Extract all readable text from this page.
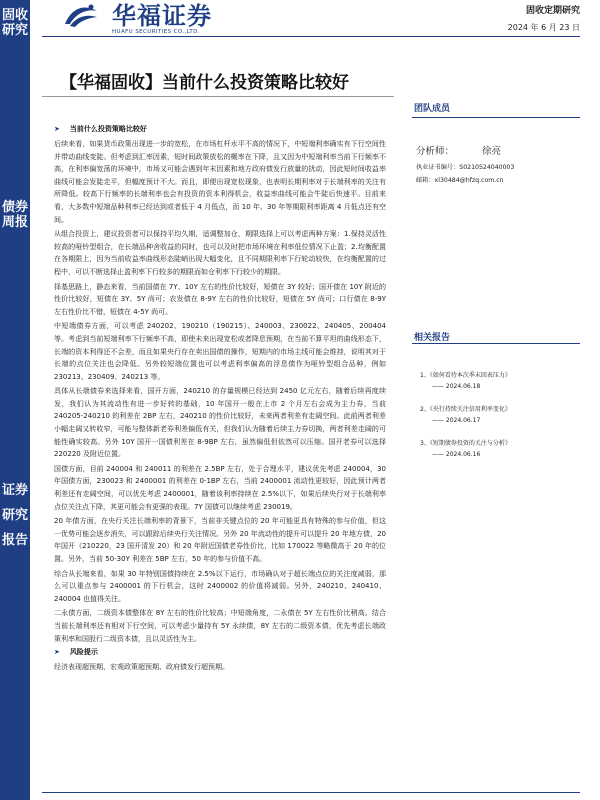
固收研究
债券周报
证券研究报告
华福证券
HUAFU SECURITIES CO.,LTD.
固收定期研究
2024 年 6 月 23 日
【华福固收】当前什么投资策略比较好
团队成员
➤ 当前什么投资策略比较好

后续来看，如果货币政策出现进一步的宽松，在市场杠杆水平不高的情况下，中短端利率确实有下行空间性并带动曲线变陡。但考虑到汇率因素，短时间政策放松的概率在下降，且又因为中短端利率当前下行频率不高，在利率偏宽荡的环境中，市场又可能会遇到年末因素和地方政府债发行放量的扰动，因此短时间收益率曲线可能会发陡走平，但幅度预计不大。而且，即便出现宽松现象，也表明长期利率对于长端利率的关注有所降低。较高下行频率的长端利率也会有投资的资本利得机会，收益率曲线可能会牛陡后快速平。目前来看，大多数中短端品种利率已经达到或者低于 4 月低点，而 10 年、30 年等期限利率距离 4 月低点还有空间。

从组合投资上，建议投资者可以保持平均久期，适调整加仓，期限选择上可以考虑两种方案：1.保持灵活性较高的哑铃型组合，在长端品种舍收益的同时，也可以及时把市场环境在利率低位情况下止盈；2.均衡配置在各期限上，因为当前收益率曲线形态陡峭出现大幅变化，且不同期限利率下行轮动较快，在均衡配置的过程中，可以不断选择止盈利率下行较多的期限而如仓利率下行较少的期限。

择基思路上，静态来看，当前国债在 7Y、10Y 左右的性价比较好，短债在 3Y 较好；国开债在 10Y 附近的性价比较好，短债在 3Y、5Y 尚可；农发债在 8-9Y 左右的性价比较好，短债在 5Y 尚可；口行债在 8-9Y 左右性价比不错，短债在 4-5Y 尚可。

中短端债券方面，可以考虑 240202、190210（190215）、240003、230022、240405、200404 等。考虑到当前短端利率下行频率不高，即使未来出现宽松或者降息预期，在当前不算平坦的曲线形态下，长端的资本利得还不会差，而且如果央行存在卖出国债的操作，短期内的市场主线可能会维持，说明其对于长端的点位关注也会降低。另外较短端位置也可以考虑利率偏高的浮息债作为哑铃型组合品种，例如 230213、230409、240213 等。

具体从长端债券来选择来看，国开方面，240210 的存量规模已经达到 2450 亿元左右，随着后续再度续发，我们认为其流动性有进一步好转的基础，10 年国开一般在上市 2 个月左右会成为主力券，当前 240205-240210 的利差在 2BP 左右，240210 的性价比较好，未来两者利差有走阔空间。此前两者利差小幅走阔又转收窄，可能与整体新老券利差偏低有关，但我们认为随着后续主力券切换，两者利差走阔的可能性确实较高。另外 10Y 国开一国债利差在 8-9BP 左右，虽然偏低但依然可以压缩。国开老券可以选择 220220 及附近位置。

国债方面，目前 240004 和 240011 的利差在 2.5BP 左右，处于合理水平，建议优先考虑 240004，30 年国债方面，230023 和 2400001 的利差在 0-1BP 左右，当前 2400001 流动性更较好，因此预计两者利差还有走阔空间，可以优先考虑 2400001，随着该利率持续在 2.5%以下，如果后续央行对于长端利率点位关注点下降，其更可能会有更强的表现。7Y 国债可以继续考虑 230019。

20 年债方面，在央行关注长端利率的背景下，当前非关键点位的 20 年可能更具有特殊的参与价值，但这一优势可能会逐步消失，可以跟踪后续央行关注情况。另外 20 年流动性的提升可以提升 20 年地方债，20 年国开（210220，23 国开清发 20）和 20 年附近国债老券性价比，比如 170022 等略微高于 20 年的位置。另外，当前 50-30Y 利差在 5BP 左右，50 年的参与价值不高。

综合从长端来看，如果 30 年特别国债持续在 2.5%以下运行，市场确认对于超长端点位的关注度减弱，那么可以重点参与 2400001 的下行机会，这时 2400002 的价值将减弱。另外，240210、240410、240004 也值得关注。

二永债方面，二级资本债整体在 8Y 左右的性价比较高；中短端角度，二永债在 5Y 左右性价比稍高。结合当前长端利率还有相对下行空间，可以考虑少量持有 5Y 永续债，8Y 左右的二级资本债，优先考虑长端政策利率和国股行二级资本债，且以灵活性为主。

➤ 风险提示

经济表现超预期、宏观政策超预期、政府债发行超预期。

分析师：	徐亮
执业证书编号：S0210524040003
邮箱：xl30484@hfzq.com.cn
相关报告
1、《如何看待本次季末回表压力》
—— 2024.06.18
2、《央行持续关注信用利率变化》
—— 2024.06.17
3、《短期债券投资的关注与分析》
—— 2024.06.16
